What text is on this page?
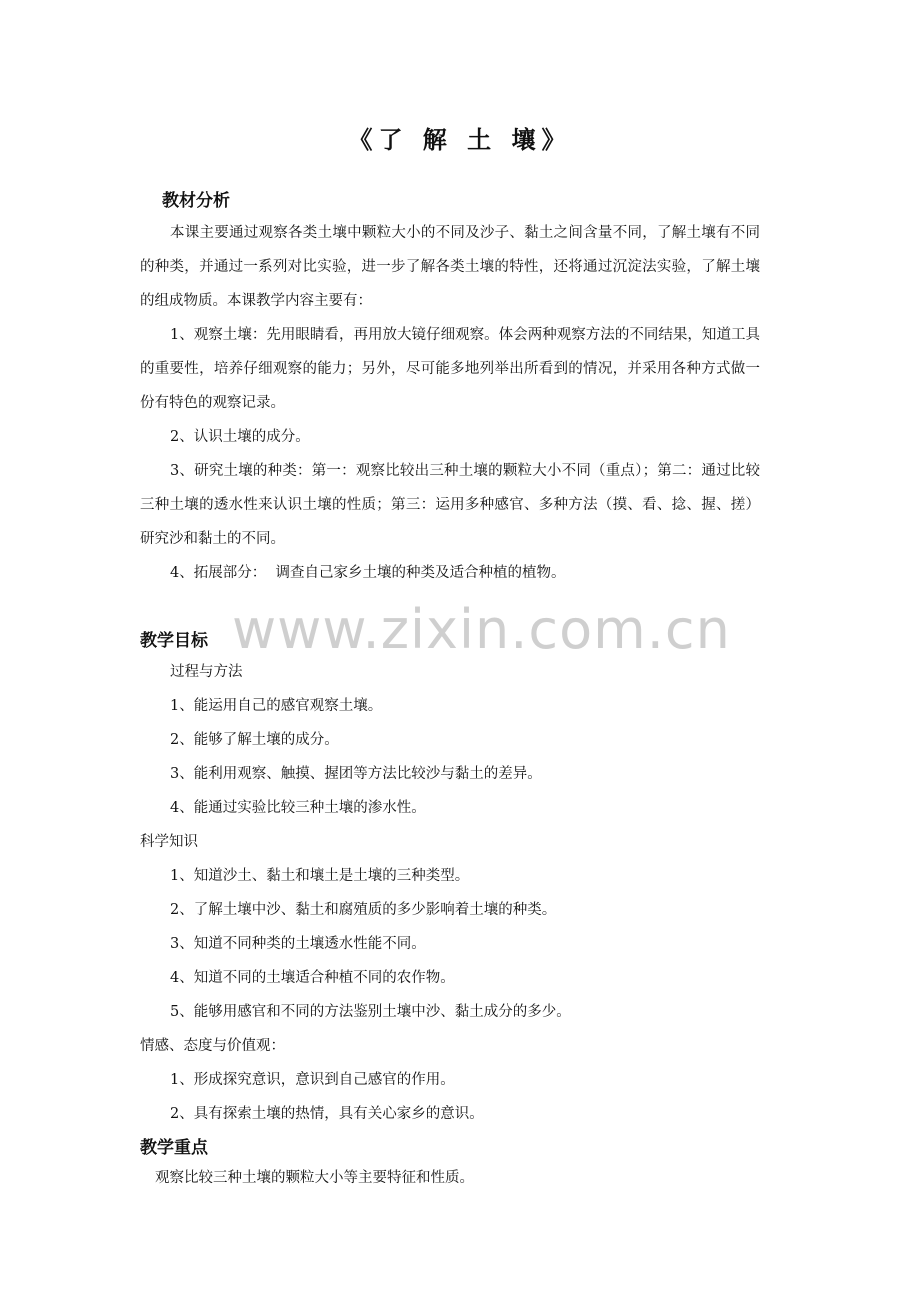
《了 解 土 壤》
教材分析
本课主要通过观察各类土壤中颗粒大小的不同及沙子、黏土之间含量不同，了解土壤有不同的种类，并通过一系列对比实验，进一步了解各类土壤的特性，还将通过沉淀法实验，了解土壤的组成物质。本课教学内容主要有：
1、观察土壤：先用眼睛看，再用放大镜仔细观察。体会两种观察方法的不同结果，知道工具的重要性，培养仔细观察的能力；另外，尽可能多地列举出所看到的情况，并采用各种方式做一份有特色的观察记录。
2、认识土壤的成分。
3、研究土壤的种类：第一：观察比较出三种土壤的颗粒大小不同（重点）；第二：通过比较三种土壤的透水性来认识土壤的性质；第三：运用多种感官、多种方法（摸、看、捻、握、搓）研究沙和黏土的不同。
4、拓展部分：  调查自己家乡土壤的种类及适合种植的植物。
www.zixin.com.cn
教学目标
过程与方法
1、能运用自己的感官观察土壤。
2、能够了解土壤的成分。
3、能利用观察、触摸、握团等方法比较沙与黏土的差异。
4、能通过实验比较三种土壤的渗水性。
科学知识
1、知道沙土、黏土和壤土是土壤的三种类型。
2、了解土壤中沙、黏土和腐殖质的多少影响着土壤的种类。
3、知道不同种类的土壤透水性能不同。
4、知道不同的土壤适合种植不同的农作物。
5、能够用感官和不同的方法鉴别土壤中沙、黏土成分的多少。
情感、态度与价值观：
1、形成探究意识，意识到自己感官的作用。
2、具有探索土壤的热情，具有关心家乡的意识。
教学重点
观察比较三种土壤的颗粒大小等主要特征和性质。
